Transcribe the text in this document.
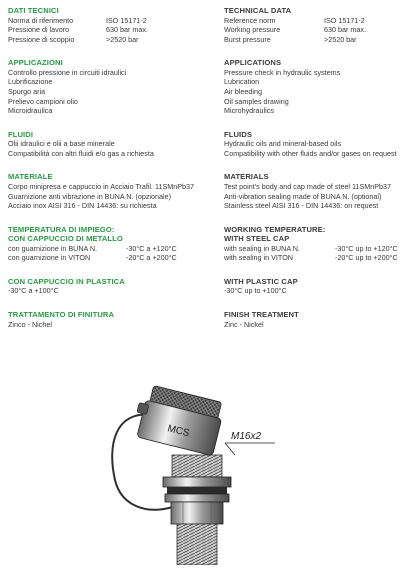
DATI TECNICI
Norma di riferimento	ISO 15171-2
Pressione di lavoro	630 bar max.
Pressione di scoppio	>2520 bar
APPLICAZIONI
Controllo pressione in circuiti idraulici
Lubrificazione
Spurgo aria
Prelievo campioni olio
Microidraulica
FLUIDI
Olii idraulici e olii a base minerale
Compatibilità con altri fluidi e/o gas a richiesta
MATERIALE
Corpo minipresa e cappuccio in Acciaio Trafil. 11SMnPb37
Guarnizione anti vibrazione in BUNA N. (opzionale)
Acciaio inox AISI 316 - DIN 14436: su richiesta
TEMPERATURA DI IMPIEGO:
CON CAPPUCCIO DI METALLO
con guarnizione in BUNA N.	-30°C a +120°C
con guarnizione in VITON	-20°C a +200°C
CON CAPPUCCIO IN PLASTICA
-30°C a +100°C
TRATTAMENTO DI FINITURA
Zinco - Nichel
TECHNICAL DATA
Reference norm	ISO 15171-2
Working pressure	630 bar max.
Burst pressure	>2520 bar
APPLICATIONS
Pressure check in hydraulic systems
Lubrication
Air bleeding
Oil samples drawing
Microhydraulics
FLUIDS
Hydraulic oils and mineral-based oils
Compatibility with other fluids and/or gases on request
MATERIALS
Test point's body and cap made of steel 11SMnPb37
Anti-vibration sealing made of BUNA N. (optional)
Stainless steel AISI 316 - DIN 14436: on request
WORKING TEMPERATURE:
WITH STEEL CAP
with sealing in BUNA N.	-30°C up to +120°C
with sealing in VITON	-20°C up to +200°C
WITH PLASTIC CAP
-30°C up to +100°C
FINISH TREATMENT
Zinc - Nickel
MCS	M16x2
